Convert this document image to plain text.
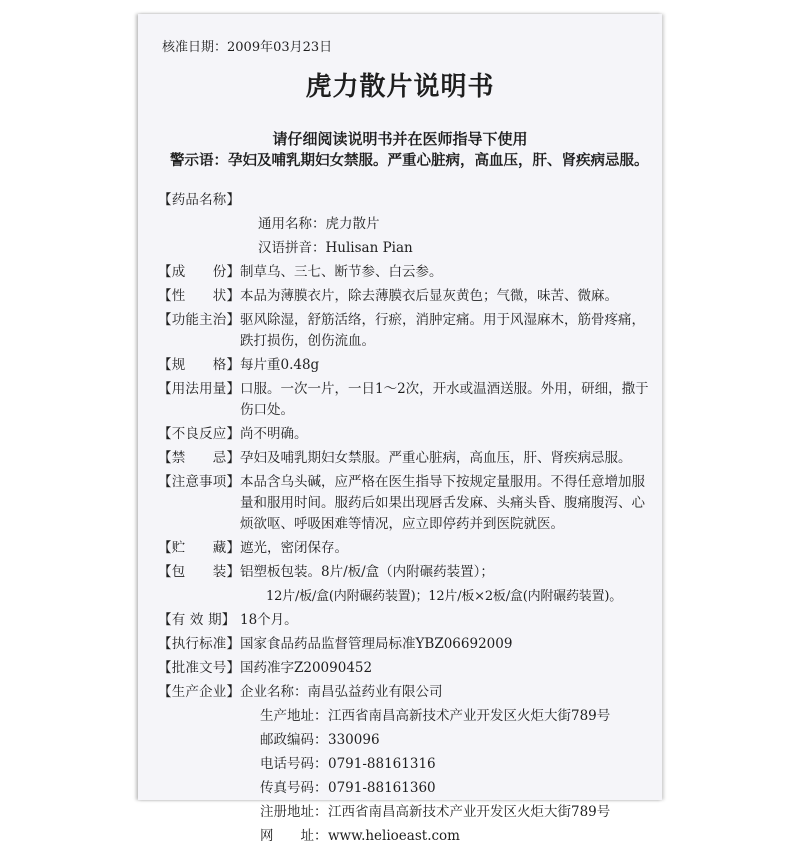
核准日期：2009年03月23日
虎力散片说明书
请仔细阅读说明书并在医师指导下使用
警示语：孕妇及哺乳期妇女禁服。严重心脏病，高血压，肝、肾疾病忌服。
【药品名称】
通用名称：虎力散片
汉语拼音：Hulisan Pian
【成　　份】 制草乌、三七、断节参、白云参。
【性　　状】 本品为薄膜衣片，除去薄膜衣后显灰黄色；气微，味苦、微麻。
【功能主治】 驱风除湿，舒筋活络，行瘀，消肿定痛。用于风湿麻木，筋骨疼痛，跌打损伤，创伤流血。
【规　　格】 每片重0.48g
【用法用量】 口服。一次一片，一日1～2次，开水或温酒送服。外用，研细，撒于伤口处。
【不良反应】 尚不明确。
【禁　　忌】 孕妇及哺乳期妇女禁服。严重心脏病，高血压，肝、肾疾病忌服。
【注意事项】 本品含乌头碱，应严格在医生指导下按规定量服用。不得任意增加服量和服用时间。服药后如果出现唇舌发麻、头痛头昏、腹痛腹泻、心烦欲呕、呼吸困难等情况，应立即停药并到医院就医。
【贮　　藏】 遮光，密闭保存。
【包　　装】 铝塑板包装。8片/板/盒（内附碾药装置）；
12片/板/盒(内附碾药装置)；12片/板×2板/盒(内附碾药装置)。
【有 效 期】 18个月。
【执行标准】 国家食品药品监督管理局标准YBZ06692009
【批准文号】 国药准字Z20090452
【生产企业】 企业名称：南昌弘益药业有限公司
生产地址：江西省南昌高新技术产业开发区火炬大街789号
邮政编码：330096
电话号码：0791-88161316
传真号码：0791-88161360
注册地址：江西省南昌高新技术产业开发区火炬大街789号
网　　址：www.helioeast.com
